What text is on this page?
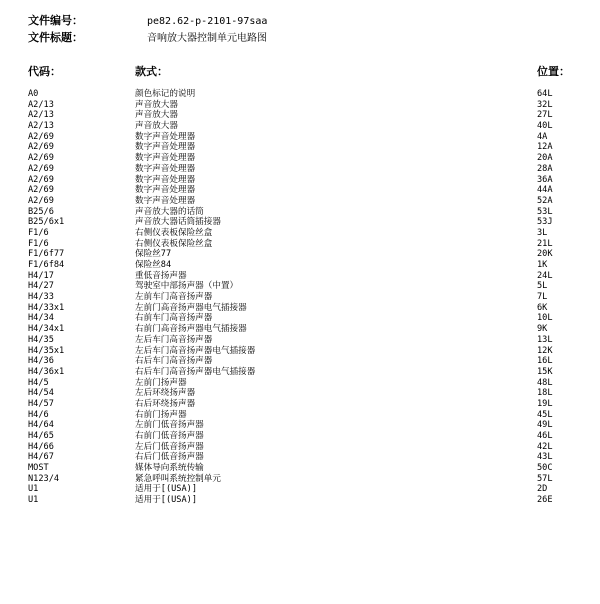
文件编号：	pe82.62-p-2101-97saa
文件标题：	音响放大器控制单元电路图
代码：	款式：	位置：
A0	颜色标记的说明	64L
A2/13	声音放大器	32L
A2/13	声音放大器	27L
A2/13	声音放大器	40L
A2/69	数字声音处理器	4A
A2/69	数字声音处理器	12A
A2/69	数字声音处理器	20A
A2/69	数字声音处理器	28A
A2/69	数字声音处理器	36A
A2/69	数字声音处理器	44A
A2/69	数字声音处理器	52A
B25/6	声音放大器的话筒	53L
B25/6x1	声音放大器话筒插接器	53J
F1/6	右侧仪表板保险丝盒	3L
F1/6	右侧仪表板保险丝盒	21L
F1/6f77	保险丝77	20K
F1/6f84	保险丝84	1K
H4/17	重低音扬声器	24L
H4/27	驾驶室中部扬声器（中置）	5L
H4/33	左前车门高音扬声器	7L
H4/33x1	左前门高音扬声器电气插接器	6K
H4/34	右前车门高音扬声器	10L
H4/34x1	右前门高音扬声器电气插接器	9K
H4/35	左后车门高音扬声器	13L
H4/35x1	左后车门高音扬声器电气插接器	12K
H4/36	右后车门高音扬声器	16L
H4/36x1	右后车门高音扬声器电气插接器	15K
H4/5	左前门扬声器	48L
H4/54	左后环绕扬声器	18L
H4/57	右后环绕扬声器	19L
H4/6	右前门扬声器	45L
H4/64	左前门低音扬声器	49L
H4/65	右前门低音扬声器	46L
H4/66	左后门低音扬声器	42L
H4/67	右后门低音扬声器	43L
MOST	媒体导向系统传输	50C
N123/4	紧急呼叫系统控制单元	57L
U1	适用于[(USA)]	2D
U1	适用于[(USA)]	26E
